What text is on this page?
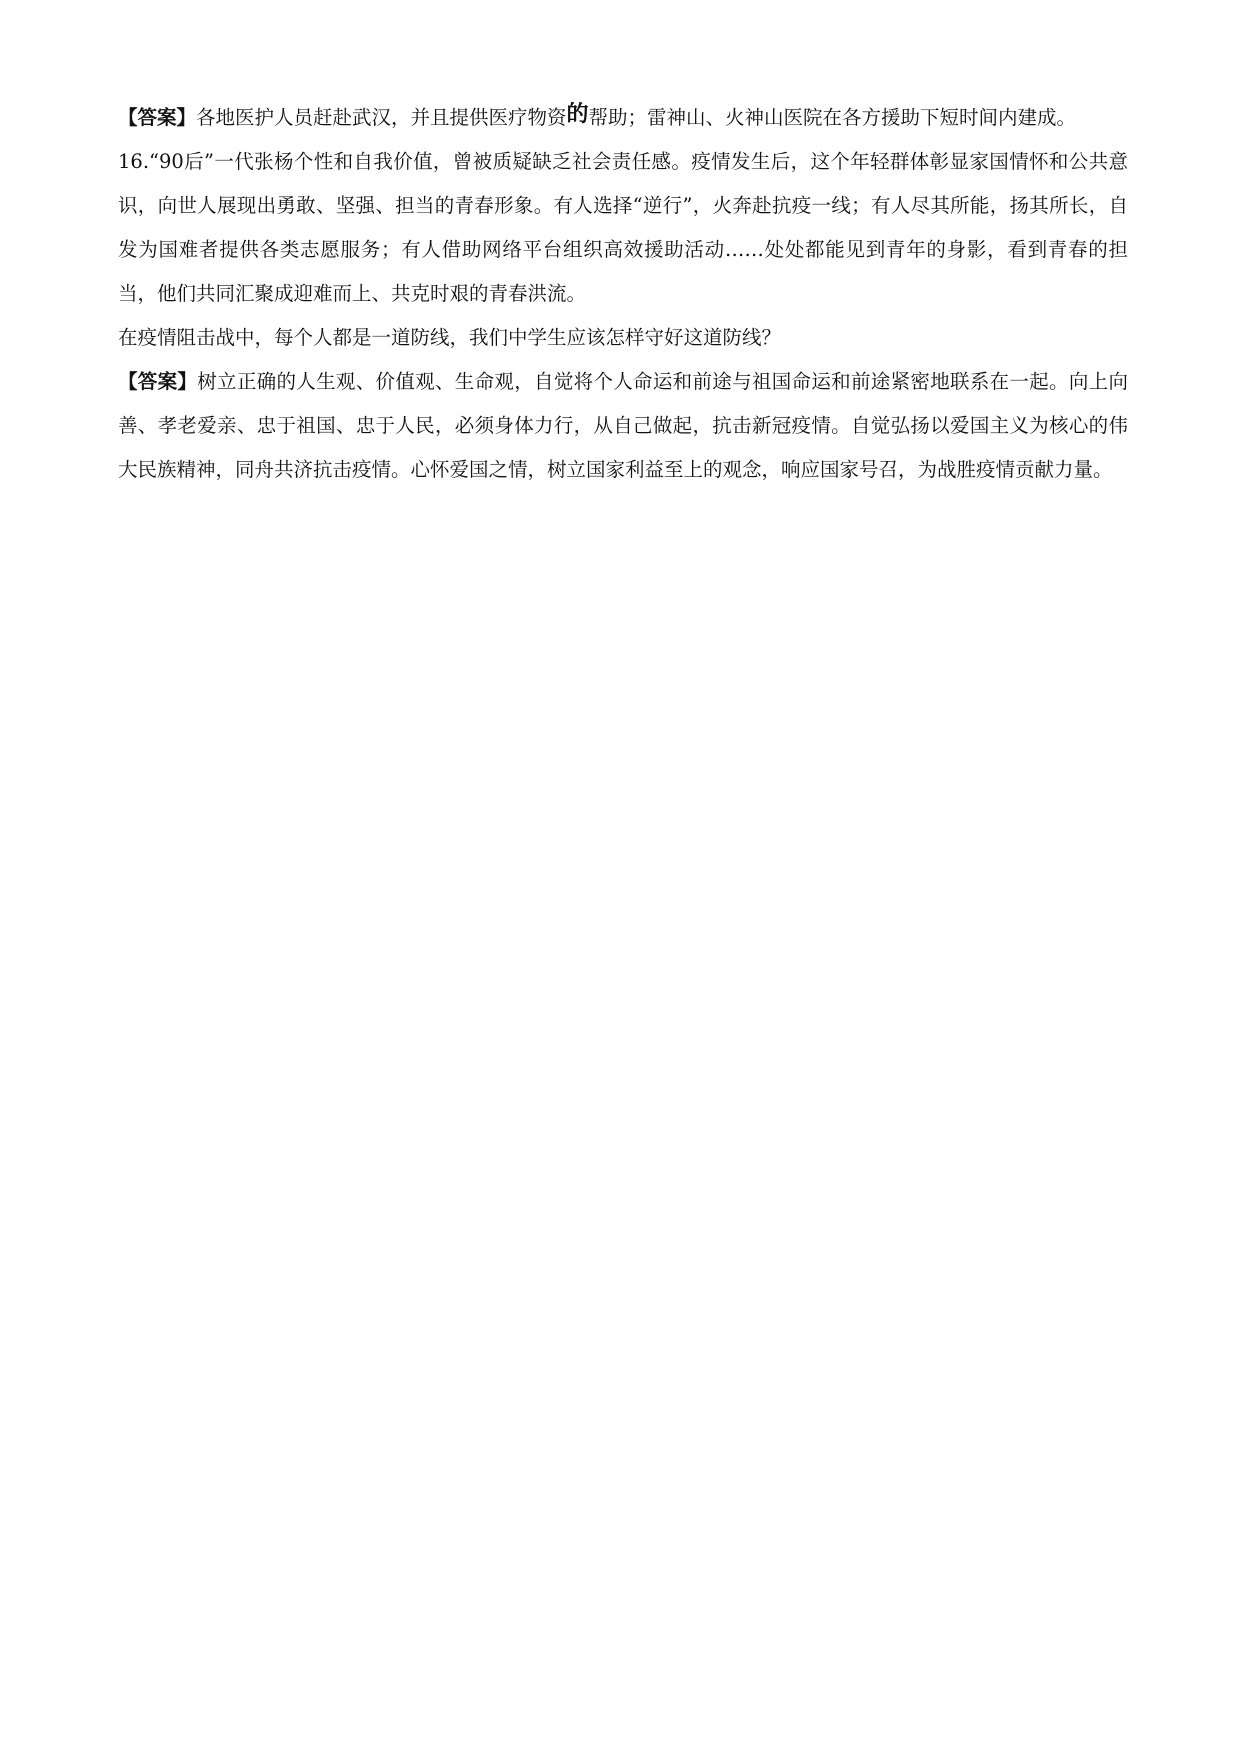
【答案】各地医护人员赶赴武汉，并且提供医疗物资的帮助；雷神山、火神山医院在各方援助下短时间内建成。

16.“90后”一代张杨个性和自我价值，曾被质疑缺乏社会责任感。疫情发生后，这个年轻群体彰显家国情怀和公共意识，向世人展现出勇敢、坚强、担当的青春形象。有人选择“逆行”，火奔赴抗疫一线；有人尽其所能，扬其所长，自发为国难者提供各类志愿服务；有人借助网络平台组织高效援助活动……处处都能见到青年的身影，看到青春的担当，他们共同汇聚成迎难而上、共克时艰的青春洪流。

在疫情阻击战中，每个人都是一道防线，我们中学生应该怎样守好这道防线？

【答案】树立正确的人生观、价值观、生命观，自觉将个人命运和前途与祖国命运和前途紧密地联系在一起。向上向善、孝老爱亲、忠于祖国、忠于人民，必须身体力行，从自己做起，抗击新冠疫情。自觉弘扬以爱国主义为核心的伟大民族精神，同舟共济抗击疫情。心怀爱国之情，树立国家利益至上的观念，响应国家号召，为战胜疫情贡献力量。
